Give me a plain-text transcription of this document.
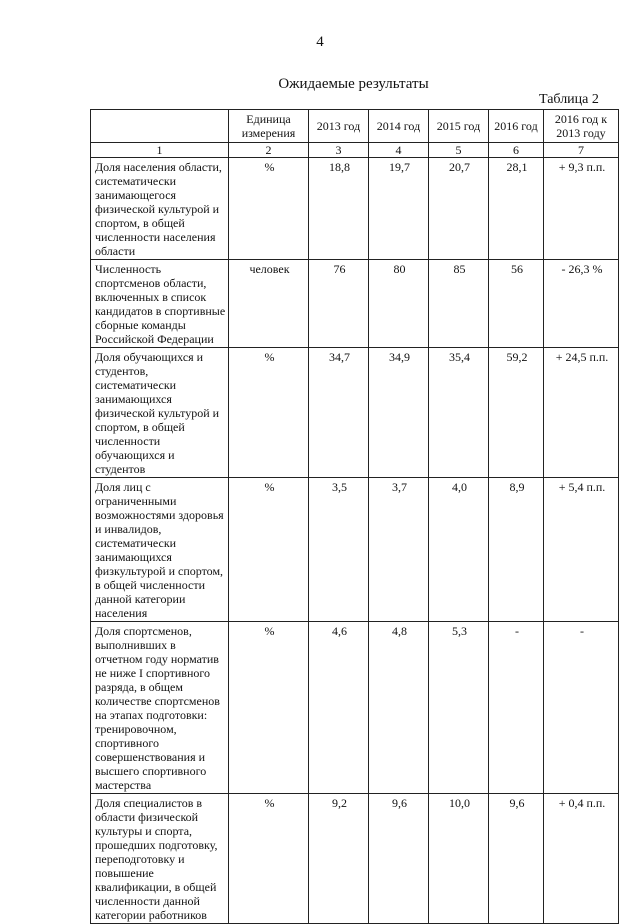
4
Ожидаемые результаты
Таблица 2
	Единица измерения	2013 год	2014 год	2015 год	2016 год	2016 год к 2013 году
1	2	3	4	5	6	7
Доля населения области, систематически занимающегося физической культурой и спортом, в общей численности населения области	%	18,8	19,7	20,7	28,1	+ 9,3 п.п.
Численность спортсменов области, включенных в список кандидатов в спортивные сборные команды Российской Федерации	человек	76	80	85	56	- 26,3 %
Доля обучающихся и студентов, систематически занимающихся физической культурой и спортом, в общей численности обучающихся и студентов	%	34,7	34,9	35,4	59,2	+ 24,5 п.п.
Доля лиц с ограниченными возможностями здоровья и инвалидов, систематически занимающихся физкультурой и спортом, в общей численности данной категории населения	%	3,5	3,7	4,0	8,9	+ 5,4 п.п.
Доля спортсменов, выполнивших в отчетном году норматив не ниже I спортивного разряда, в общем количестве спортсменов на этапах подготовки: тренировочном, спортивного совершенствования и высшего спортивного мастерства	%	4,6	4,8	5,3	-	-
Доля специалистов в области физической культуры и спорта, прошедших подготовку, переподготовку и повышение квалификации, в общей численности данной категории работников	%	9,2	9,6	10,0	9,6	+ 0,4 п.п.
